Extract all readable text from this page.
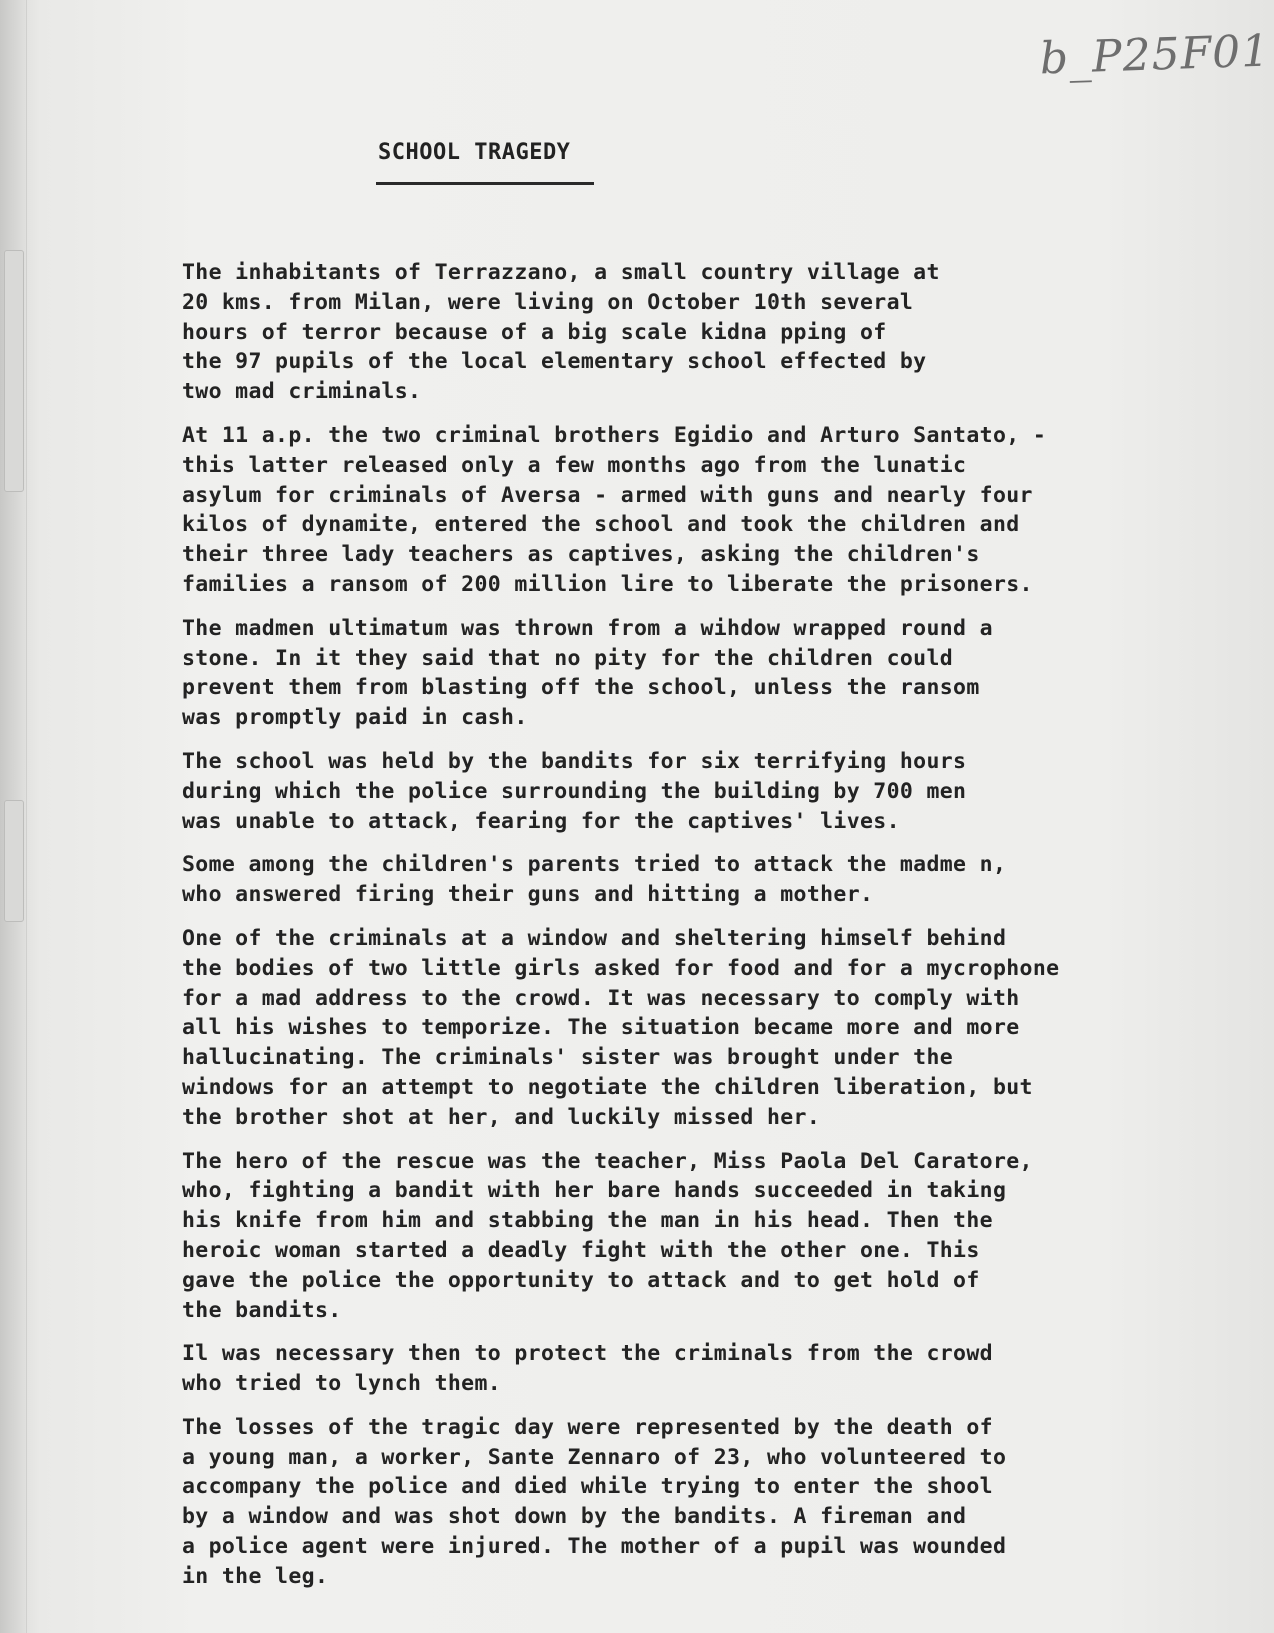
b_P25F01
SCHOOL TRAGEDY
The inhabitants of Terrazzano, a small country village at
20 kms. from Milan, were living on October 10th several
hours of terror because of a big scale kidna pping of
the 97 pupils of the local elementary school effected by
two mad criminals.
At 11 a.p. the two criminal brothers Egidio and Arturo Santato, -
this latter released only a few months ago from the lunatic
asylum for criminals of Aversa - armed with guns and nearly four
kilos of dynamite, entered the school and took the children and
their three lady teachers as captives, asking the children's
families a ransom of 200 million lire to liberate the prisoners.
The madmen ultimatum was thrown from a wihdow wrapped round a
stone. In it they said that no pity for the children could
prevent them from blasting off the school, unless the ransom
was promptly paid in cash.
The school was held by the bandits for six terrifying hours
during which the police surrounding the building by 700 men
was unable to attack, fearing for the captives' lives.
Some among the children's parents tried to attack the madme n,
who answered firing their guns and hitting a mother.
One of the criminals at a window and sheltering himself behind
the bodies of two little girls asked for food and for a mycrophone
for a mad address to the crowd. It was necessary to comply with
all his wishes to temporize. The situation became more and more
hallucinating. The criminals' sister was brought under the
windows for an attempt to negotiate the children liberation, but
the brother shot at her, and luckily missed her.
The hero of the rescue was the teacher, Miss Paola Del Caratore,
who, fighting a bandit with her bare hands succeeded in taking
his knife from him and stabbing the man in his head. Then the
heroic woman started a deadly fight with the other one. This
gave the police the opportunity to attack and to get hold of
the bandits.
Il was necessary then to protect the criminals from the crowd
who tried to lynch them.
The losses of the tragic day were represented by the death of
a young man, a worker, Sante Zennaro of 23, who volunteered to
accompany the police and died while trying to enter the shool
by a window and was shot down by the bandits. A fireman and
a police agent were injured. The mother of a pupil was wounded
in the leg.
